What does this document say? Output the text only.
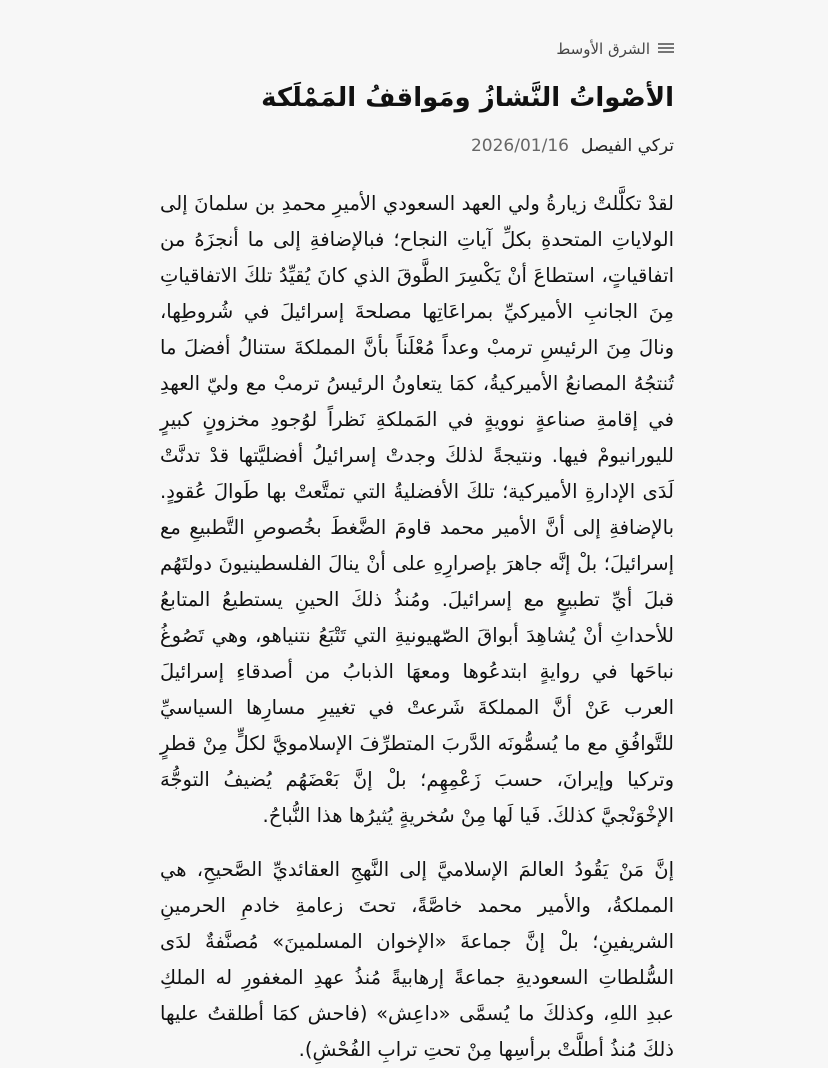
الشرق الأوسط
الأصْواتُ النَّشازُ ومَواقفُ المَمْلَكة
تركي الفيصل
2026/01/16

لقدْ تكلَّلتْ زيارةُ ولي العهد السعودي الأميرِ محمدِ بن سلمانَ إلى الولاياتِ المتحدةِ بكلِّ آياتِ النجاح؛ فبالإضافةِ إلى ما أنجزَهُ من اتفاقياتٍ، استطاعَ أنْ يَكْسِرَ الطَّوقَ الذي كانَ يُقيِّدُ تلكَ الاتفاقياتِ مِنَ الجانبِ الأميركيِّ بمراعَاتِها مصلحةَ إسرائيلَ في شُروطِها، ونالَ مِنَ الرئيسِ ترمبْ وعداً مُعْلَناً بأنَّ المملكةَ ستنالُ أفضلَ ما تُنتجُهُ المصانعُ الأميركيةُ، كمَا يتعاونُ الرئيسُ ترمبْ مع وليّ العهدِ في إقامةِ صناعةٍ نوويةٍ في المَملكةِ نَظراً لوُجودِ مخزونٍ كبيرٍ لليورانيومْ فيها. ونتيجةً لذلكَ وجدتْ إسرائيلُ أفضليَّتها قدْ تدنَّتْ لَدَى الإدارةِ الأميركية؛ تلكَ الأفضليةُ التي تمتَّعتْ بها طَوالَ عُقودٍ. بالإضافةِ إلى أنَّ الأمير محمد قاومَ الضَّغطَ بخُصوصِ التَّطبيعِ مع إسرائيلَ؛ بلْ إنَّه جاهرَ بإصرارِهِ على أنْ ينالَ الفلسطينيونَ دولتَهُم قبلَ أيِّ تطبيعٍ مع إسرائيلَ. ومُنذُ ذلكَ الحينِ يستطيعُ المتابعُ للأحداثِ أنْ يُشاهِدَ أبواقَ الصّهيونيةِ التي تَتْبَعُ نتنياهو، وهي تَصُوغُ نباحَها في روايةٍ ابتدعُوها ومعهَا الذبابُ من أصدقاءِ إسرائيلَ العرب عَنْ أنَّ المملكةَ شَرعتْ في تغييرِ مسارِها السياسيِّ للتَّوافُقِ مع ما يُسمُّونَه الدَّربَ المتطرِّفَ الإسلامويَّ لكلٍّ مِنْ قطرٍ وتركيا وإيرانَ، حسبَ زَعْمِهِم؛ بلْ إنَّ بَعْضَهُم يُضيفُ التوجُّهَ الإخْوَنْجيَّ كذلكَ. فَيا لَها مِنْ سُخريةٍ يُثيرُها هذا النُّباحُ.

إنَّ مَنْ يَقُودُ العالمَ الإسلاميَّ إلى النَّهجِ العقائديِّ الصَّحيحِ، هي المملكةُ، والأمير محمد خاصَّةً، تحتَ زعامةِ خادمِ الحرمينِ الشريفينِ؛ بلْ إنَّ جماعةَ «الإخوان المسلمينَ» مُصنَّفةٌ لدَى السُّلطاتِ السعوديةِ جماعةً إرهابيةً مُنذُ عهدِ المغفورِ له الملكِ عبدِ اللهِ، وكذلكَ ما يُسمَّى «داعِش» (فاحش كمَا أطلقتُ عليها ذلكَ مُنذُ أطلَّتْ برأسِها مِنْ تحتِ ترابِ الفُحْشِ).
